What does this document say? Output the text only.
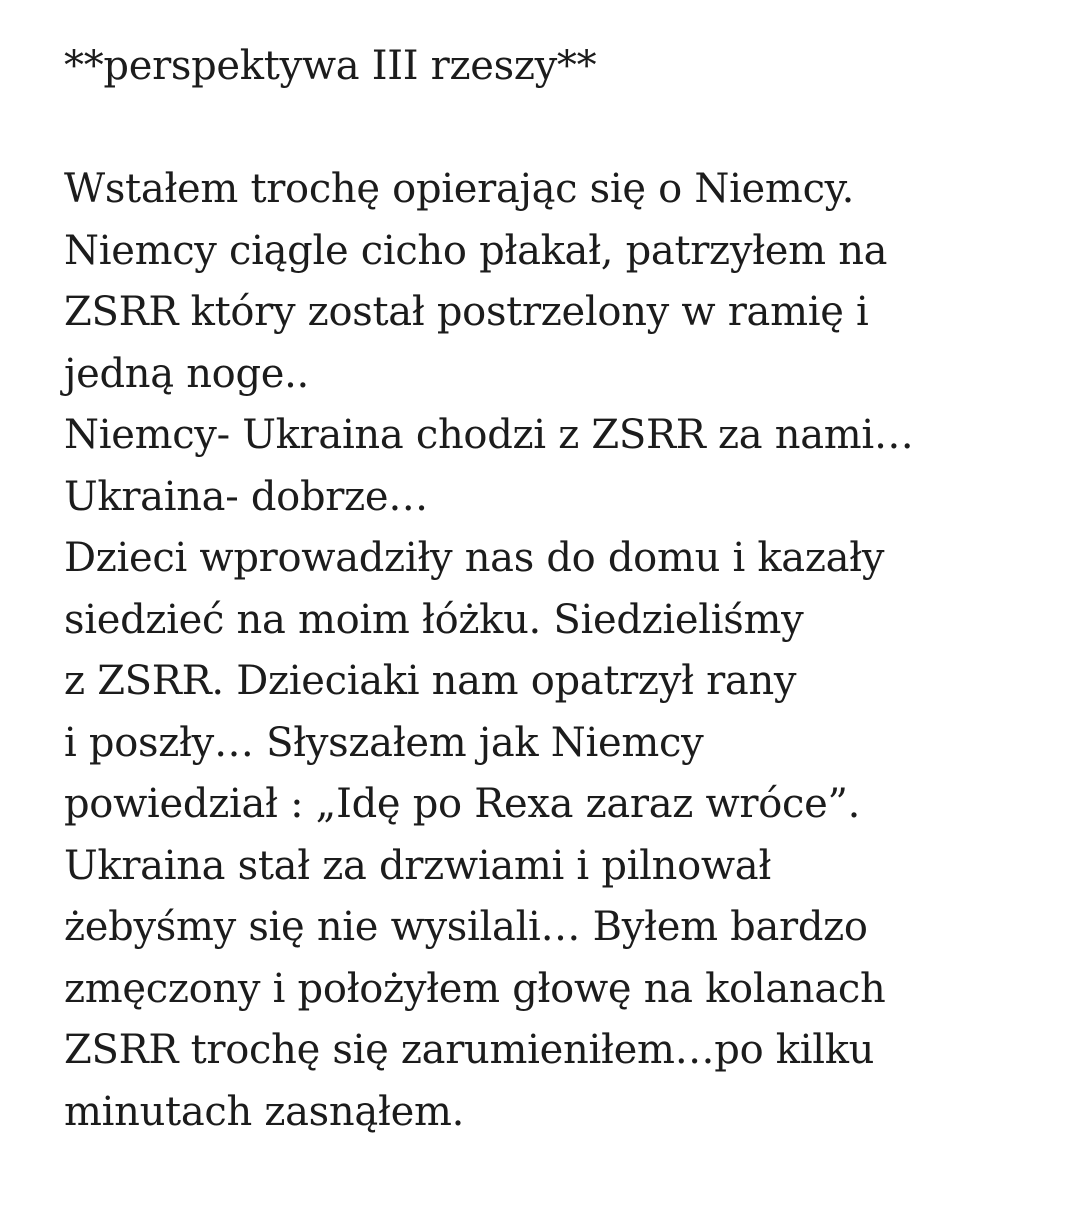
**perspektywa III rzeszy**
Wstałem trochę opierając się o Niemcy.
Niemcy ciągle cicho płakał, patrzyłem na
ZSRR który został postrzelony w ramię i
jedną noge..
Niemcy- Ukraina chodzi z ZSRR za nami…
Ukraina- dobrze…
Dzieci wprowadziły nas do domu i kazały
siedzieć na moim łóżku. Siedzieliśmy
z ZSRR. Dzieciaki nam opatrzył rany
i poszły… Słyszałem jak Niemcy
powiedział : „Idę po Rexa zaraz wróce”.
Ukraina stał za drzwiami i pilnował
żebyśmy się nie wysilali… Byłem bardzo
zmęczony i położyłem głowę na kolanach
ZSRR trochę się zarumieniłem…po kilku
minutach zasnąłem.
